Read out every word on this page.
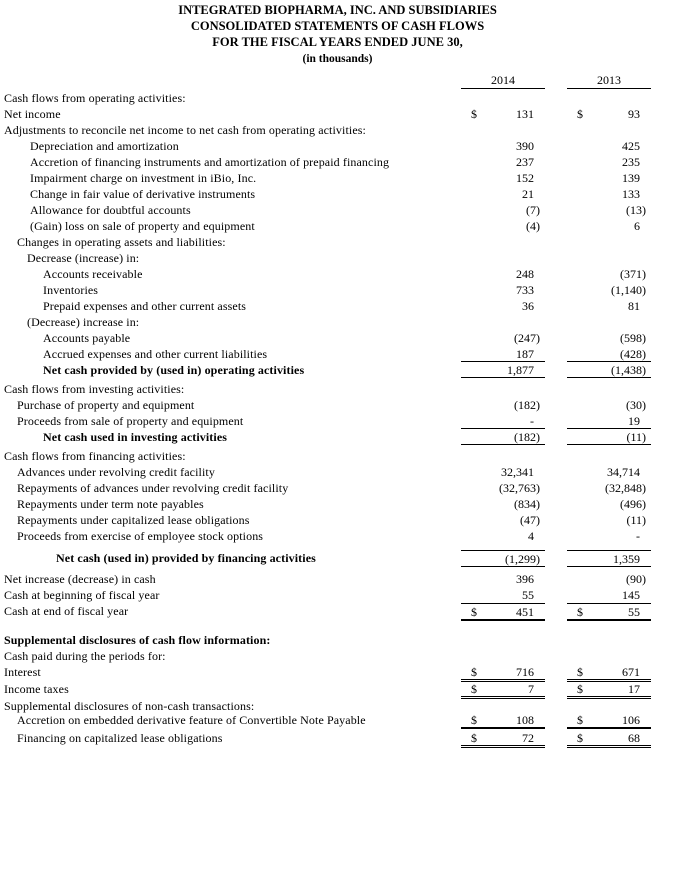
INTEGRATED BIOPHARMA, INC. AND SUBSIDIARIES
CONSOLIDATED STATEMENTS OF CASH FLOWS
FOR THE FISCAL YEARS ENDED JUNE 30,
(in thousands)
2014	2013
Cash flows from operating activities:
Net income	$	131	$	93
Adjustments to reconcile net income to net cash from operating activities:
Depreciation and amortization	390	425
Accretion of financing instruments and amortization of prepaid financing	237	235
Impairment charge on investment in iBio, Inc.	152	139
Change in fair value of derivative instruments	21	133
Allowance for doubtful accounts	(7)	(13)
(Gain) loss on sale of property and equipment	(4)	6
Changes in operating assets and liabilities:
Decrease (increase) in:
Accounts receivable	248	(371)
Inventories	733	(1,140)
Prepaid expenses and other current assets	36	81
(Decrease) increase in:
Accounts payable	(247)	(598)
Accrued expenses and other current liabilities	187	(428)
Net cash provided by (used in) operating activities	1,877	(1,438)
Cash flows from investing activities:
Purchase of property and equipment	(182)	(30)
Proceeds from sale of property and equipment	-	19
Net cash used in investing activities	(182)	(11)
Cash flows from financing activities:
Advances under revolving credit facility	32,341	34,714
Repayments of advances under revolving credit facility	(32,763)	(32,848)
Repayments under term note payables	(834)	(496)
Repayments under capitalized lease obligations	(47)	(11)
Proceeds from exercise of employee stock options	4	-
Net cash (used in) provided by financing activities	(1,299)	1,359
Net increase (decrease) in cash	396	(90)
Cash at beginning of fiscal year	55	145
Cash at end of fiscal year	$	451	$	55
Supplemental disclosures of cash flow information:
Cash paid during the periods for:
Interest	$	716	$	671
Income taxes	$	7	$	17
Supplemental disclosures of non-cash transactions:
Accretion on embedded derivative feature of Convertible Note Payable	$	108	$	106
Financing on capitalized lease obligations	$	72	$	68
